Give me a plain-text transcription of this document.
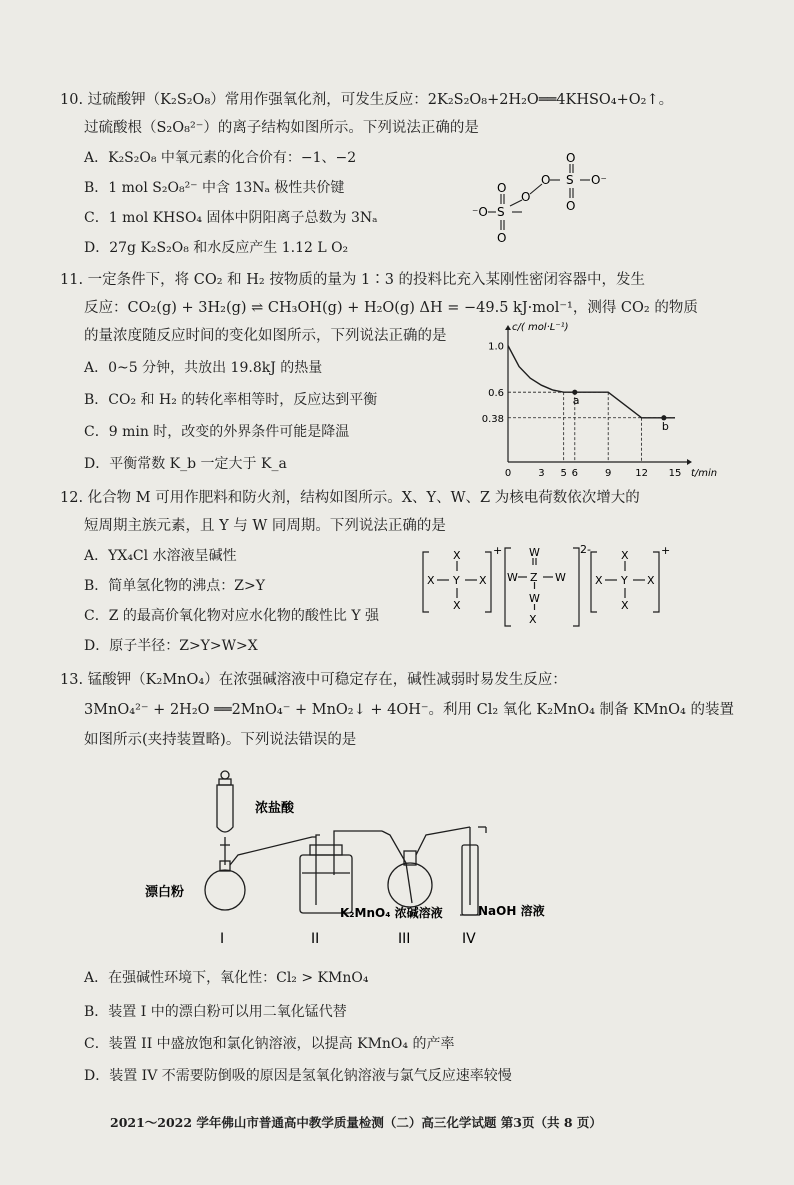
10. 过硫酸钾（K₂S₂O₈）常用作强氧化剂，可发生反应：2K₂S₂O₈+2H₂O══4KHSO₄+O₂↑。
过硫酸根（S₂O₈²⁻）的离子结构如图所示。下列说法正确的是
A．K₂S₂O₈ 中氧元素的化合价有：−1、−2
B．1 mol S₂O₈²⁻ 中含 13Nₐ 极性共价键
C．1 mol KHSO₄ 固体中阴阳离子总数为 3Nₐ
D．27g K₂S₂O₈ 和水反应产生 1.12 L O₂
⁻O S
O
O
O
O S
O
O
O⁻
11. 一定条件下，将 CO₂ 和 H₂ 按物质的量为 1∶3 的投料比充入某刚性密闭容器中，发生
反应：CO₂(g) + 3H₂(g) ⇌ CH₃OH(g) + H₂O(g) ΔH = −49.5 kJ·mol⁻¹，测得 CO₂ 的物质
的量浓度随反应时间的变化如图所示，下列说法正确的是
A．0~5 分钟，共放出 19.8kJ 的热量
B．CO₂ 和 H₂ 的转化率相等时，反应达到平衡
C．9 min 时，改变的外界条件可能是降温
D．平衡常数 K_b 一定大于 K_a
1.0
0.6
0.38
0	3 5 6	9 12 15
c/( mol·L⁻¹)
t/min
a
b
12. 化合物 M 可用作肥料和防火剂，结构如图所示。X、Y、W、Z 为核电荷数依次增大的
短周期主族元素，且 Y 与 W 同周期。下列说法正确的是
A．YX₄Cl 水溶液呈碱性
B．简单氢化物的沸点：Z>Y
C．Z 的最高价氧化物对应水化物的酸性比 Y 强
D．原子半径：Z>Y>W>X
X
X Y X
X
+ W
W Z W
W
X
2-	X
X Y X
X
+
13. 锰酸钾（K₂MnO₄）在浓强碱溶液中可稳定存在，碱性减弱时易发生反应：
3MnO₄²⁻ + 2H₂O ══2MnO₄⁻ + MnO₂↓ + 4OH⁻。利用 Cl₂ 氧化 K₂MnO₄ 制备 KMnO₄ 的装置
如图所示(夹持装置略)。下列说法错误的是
浓盐酸
漂白粉
K₂MnO₄ 浓碱溶液	NaOH 溶液
I	II	III	IV
A．在强碱性环境下，氧化性：Cl₂ > KMnO₄
B．装置 I 中的漂白粉可以用二氧化锰代替
C．装置 II 中盛放饱和氯化钠溶液，以提高 KMnO₄ 的产率
D．装置 IV 不需要防倒吸的原因是氢氧化钠溶液与氯气反应速率较慢
2021～2022 学年佛山市普通高中教学质量检测（二）高三化学试题 第3页（共 8 页）
